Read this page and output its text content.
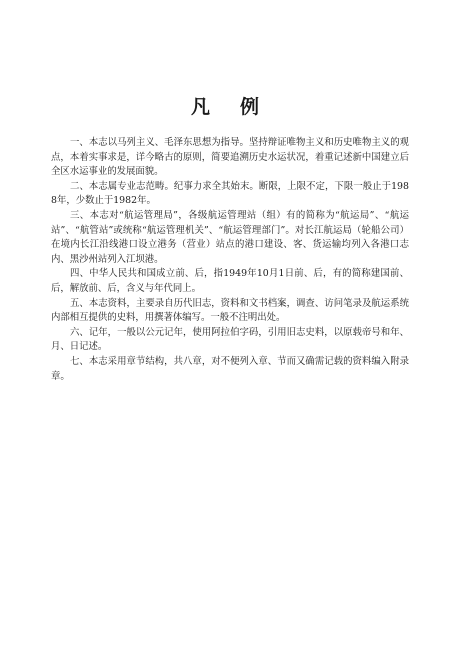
凡例

一、本志以马列主义、毛泽东思想为指导。坚持辩证唯物主义和历史唯物主义的观点，本着实事求是，详今略古的原则，简要追溯历史水运状况，着重记述新中国建立后全区水运事业的发展面貌。

二、本志属专业志范畴。纪事力求全其始末。断限，上限不定，下限一般止于1988年，少数止于1982年。

三、本志对“航运管理局”，各级航运管理站（组）有的简称为“航运局”、“航运站”、“航管站”或统称“航运管理机关”、“航运管理部门”。对长江航运局（轮船公司）在境内长江沿线港口设立港务（营业）站点的港口建设、客、货运输均列入各港口志内、黑沙州站列入江坝港。

四、中华人民共和国成立前、后，指1949年10月1日前、后，有的简称建国前、后，解放前、后，含义与年代同上。

五、本志资料，主要录自历代旧志，资料和文书档案，调查、访问笔录及航运系统内部相互提供的史料，用撰著体编写。一般不注明出处。

六、记年，一般以公元记年，使用阿拉伯字码，引用旧志史料，以原载帝号和年、月、日记述。

七、本志采用章节结构，共八章，对不便列入章、节而又确需记载的资料编入附录章。
